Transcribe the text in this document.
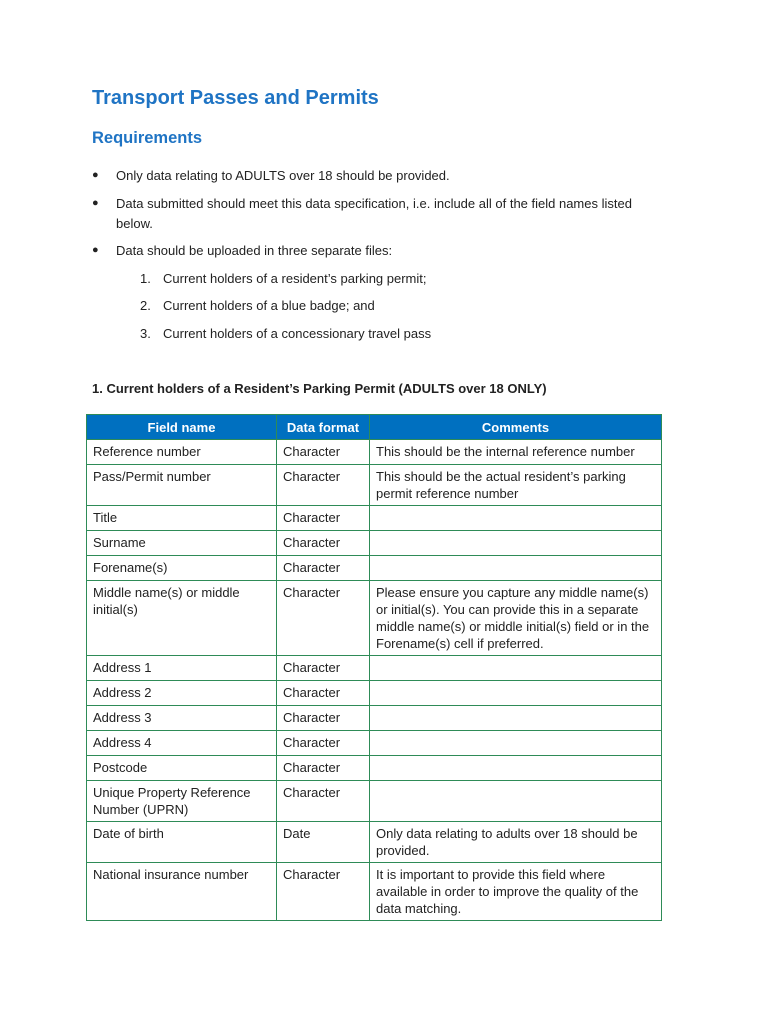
Transport Passes and Permits
Requirements
● Only data relating to ADULTS over 18 should be provided.
● Data submitted should meet this data specification, i.e. include all of the field names listed below.
● Data should be uploaded in three separate files:
1. Current holders of a resident’s parking permit;
2. Current holders of a blue badge; and
3. Current holders of a concessionary travel pass
1. Current holders of a Resident’s Parking Permit (ADULTS over 18 ONLY)
Field name	Data format	Comments
Reference number	Character	This should be the internal reference number
Pass/Permit number	Character	This should be the actual resident’s parking permit reference number
Title	Character	
Surname	Character	
Forename(s)	Character	
Middle name(s) or middle initial(s)	Character	Please ensure you capture any middle name(s) or initial(s). You can provide this in a separate middle name(s) or middle initial(s) field or in the Forename(s) cell if preferred.
Address 1	Character	
Address 2	Character	
Address 3	Character	
Address 4	Character	
Postcode	Character	
Unique Property Reference Number (UPRN)	Character	
Date of birth	Date	Only data relating to adults over 18 should be provided.
National insurance number	Character	It is important to provide this field where available in order to improve the quality of the data matching.
